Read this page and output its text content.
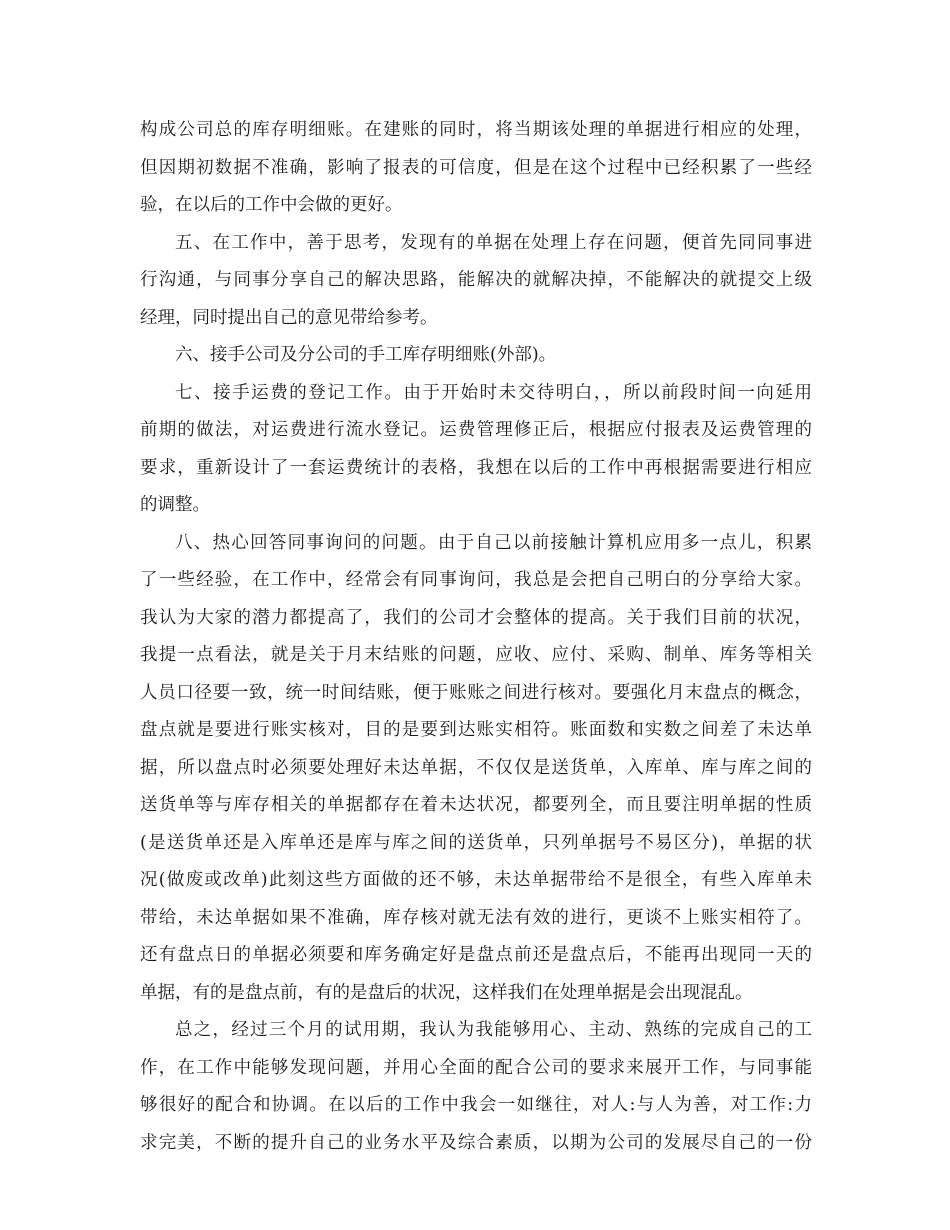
构成公司总的库存明细账。在建账的同时，将当期该处理的单据进行相应的处理，
但因期初数据不准确，影响了报表的可信度，但是在这个过程中已经积累了一些经
验，在以后的工作中会做的更好。
五、在工作中，善于思考，发现有的单据在处理上存在问题，便首先同同事进
行沟通，与同事分享自己的解决思路，能解决的就解决掉，不能解决的就提交上级
经理，同时提出自己的意见带给参考。
六、接手公司及分公司的手工库存明细账(外部)。
七、接手运费的登记工作。由于开始时未交待明白，，所以前段时间一向延用
前期的做法，对运费进行流水登记。运费管理修正后，根据应付报表及运费管理的
要求，重新设计了一套运费统计的表格，我想在以后的工作中再根据需要进行相应
的调整。
八、热心回答同事询问的问题。由于自己以前接触计算机应用多一点儿，积累
了一些经验，在工作中，经常会有同事询问，我总是会把自己明白的分享给大家。
我认为大家的潜力都提高了，我们的公司才会整体的提高。关于我们目前的状况，
我提一点看法，就是关于月末结账的问题，应收、应付、采购、制单、库务等相关
人员口径要一致，统一时间结账，便于账账之间进行核对。要强化月末盘点的概念，
盘点就是要进行账实核对，目的是要到达账实相符。账面数和实数之间差了未达单
据，所以盘点时必须要处理好未达单据，不仅仅是送货单，入库单、库与库之间的
送货单等与库存相关的单据都存在着未达状况，都要列全，而且要注明单据的性质
(是送货单还是入库单还是库与库之间的送货单，只列单据号不易区分)，单据的状
况(做废或改单)此刻这些方面做的还不够，未达单据带给不是很全，有些入库单未
带给，未达单据如果不准确，库存核对就无法有效的进行，更谈不上账实相符了。
还有盘点日的单据必须要和库务确定好是盘点前还是盘点后，不能再出现同一天的
单据，有的是盘点前，有的是盘后的状况，这样我们在处理单据是会出现混乱。
总之，经过三个月的试用期，我认为我能够用心、主动、熟练的完成自己的工
作，在工作中能够发现问题，并用心全面的配合公司的要求来展开工作，与同事能
够很好的配合和协调。在以后的工作中我会一如继往，对人:与人为善，对工作:力
求完美，不断的提升自己的业务水平及综合素质，以期为公司的发展尽自己的一份
